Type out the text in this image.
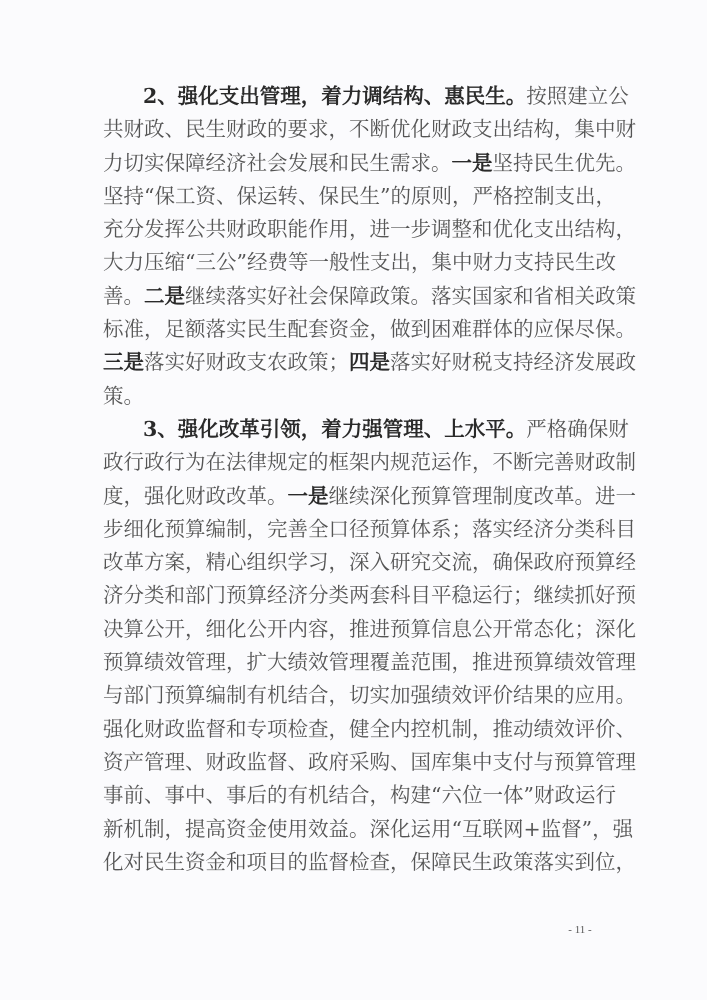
2、强化支出管理，着力调结构、惠民生。按照建立公
共财政、民生财政的要求，不断优化财政支出结构，集中财
力切实保障经济社会发展和民生需求。一是坚持民生优先。
坚持“保工资、保运转、保民生”的原则，严格控制支出，
充分发挥公共财政职能作用，进一步调整和优化支出结构，
大力压缩“三公”经费等一般性支出，集中财力支持民生改
善。二是继续落实好社会保障政策。落实国家和省相关政策
标准，足额落实民生配套资金，做到困难群体的应保尽保。
三是落实好财政支农政策；四是落实好财税支持经济发展政
策。
3、强化改革引领，着力强管理、上水平。严格确保财
政行政行为在法律规定的框架内规范运作，不断完善财政制
度，强化财政改革。一是继续深化预算管理制度改革。进一
步细化预算编制，完善全口径预算体系；落实经济分类科目
改革方案，精心组织学习，深入研究交流，确保政府预算经
济分类和部门预算经济分类两套科目平稳运行；继续抓好预
决算公开，细化公开内容，推进预算信息公开常态化；深化
预算绩效管理，扩大绩效管理覆盖范围，推进预算绩效管理
与部门预算编制有机结合，切实加强绩效评价结果的应用。
强化财政监督和专项检查，健全内控机制，推动绩效评价、
资产管理、财政监督、政府采购、国库集中支付与预算管理
事前、事中、事后的有机结合，构建“六位一体”财政运行
新机制，提高资金使用效益。深化运用“互联网+监督”，强
化对民生资金和项目的监督检查，保障民生政策落实到位，
- 11 -
